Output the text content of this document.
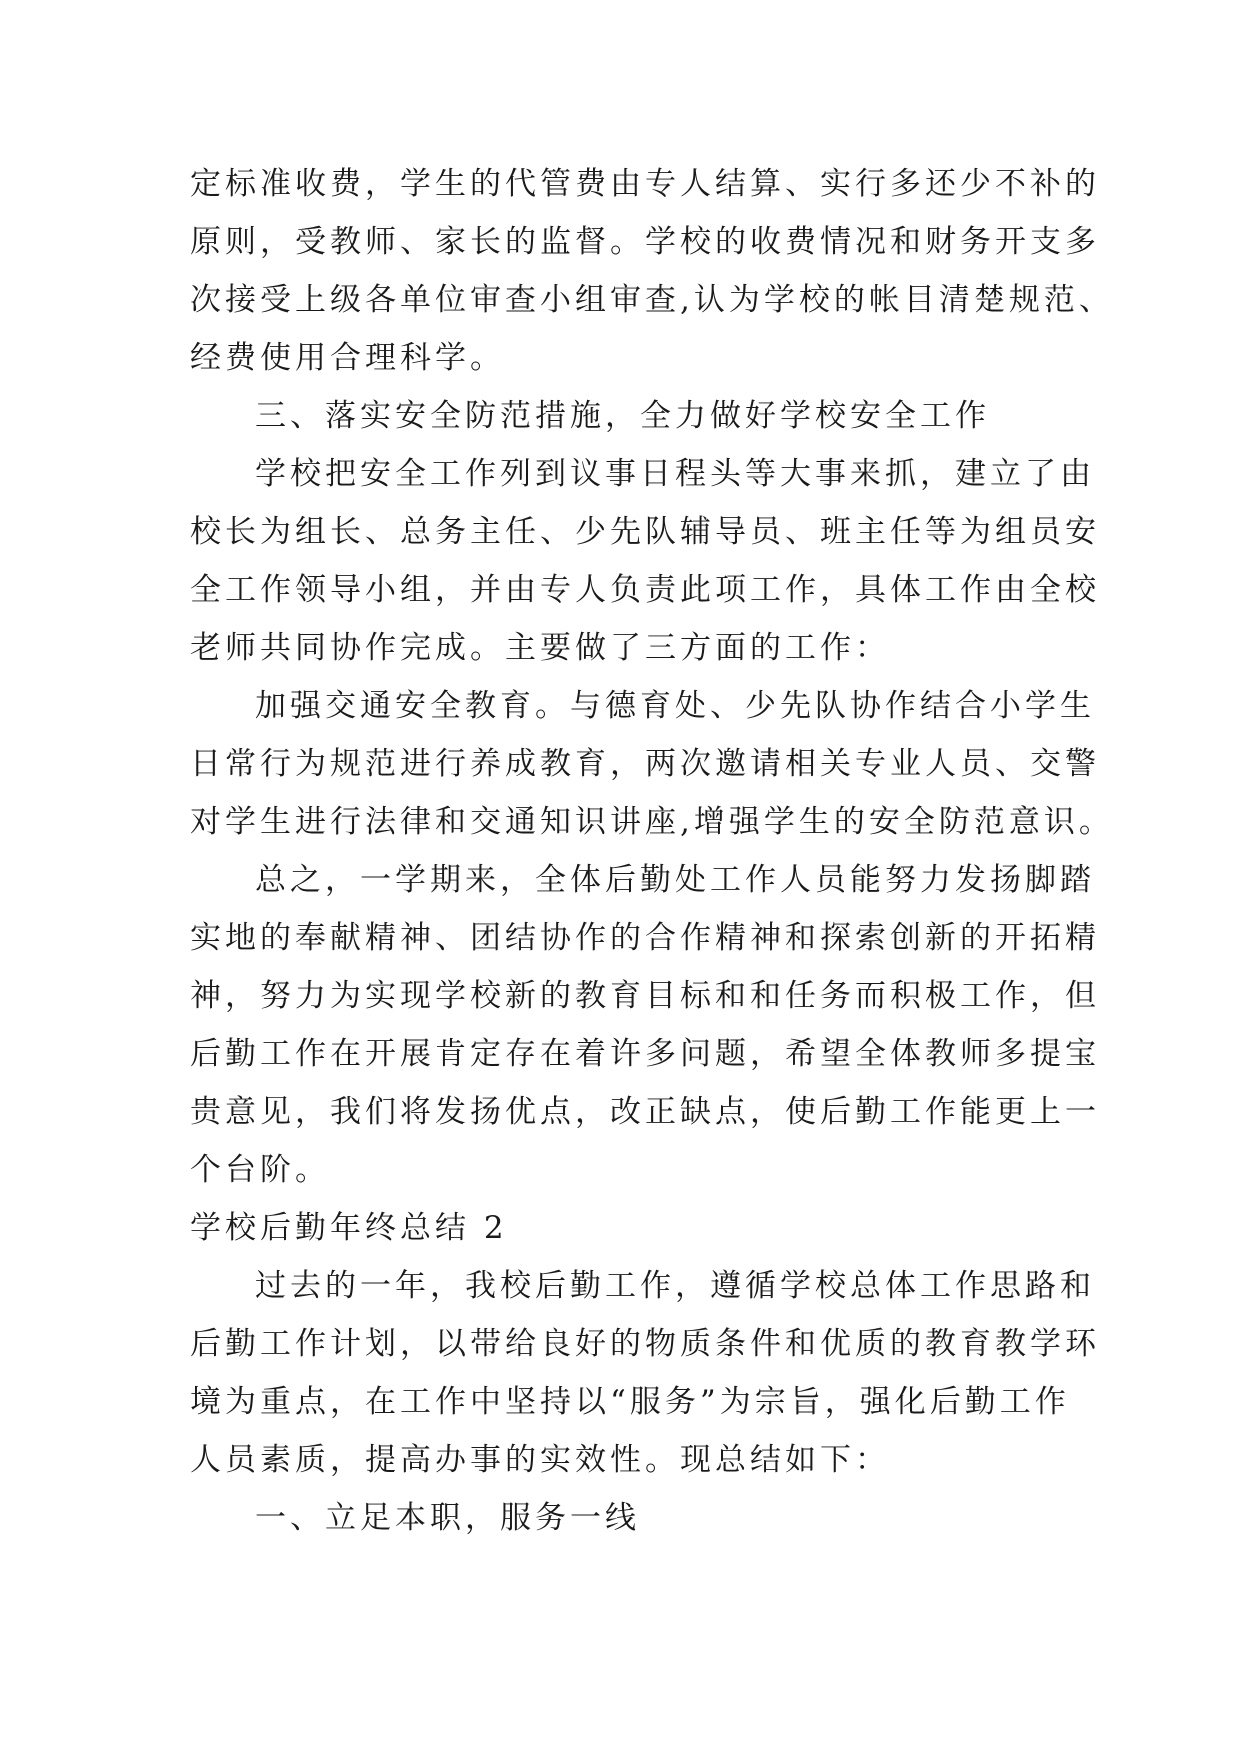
定标准收费，学生的代管费由专人结算、实行多还少不补的
原则，受教师、家长的监督。学校的收费情况和财务开支多
次接受上级各单位审查小组审查,认为学校的帐目清楚规范、
经费使用合理科学。
三、落实安全防范措施，全力做好学校安全工作
学校把安全工作列到议事日程头等大事来抓，建立了由
校长为组长、总务主任、少先队辅导员、班主任等为组员安
全工作领导小组，并由专人负责此项工作，具体工作由全校
老师共同协作完成。主要做了三方面的工作：
加强交通安全教育。与德育处、少先队协作结合小学生
日常行为规范进行养成教育，两次邀请相关专业人员、交警
对学生进行法律和交通知识讲座,增强学生的安全防范意识。
总之，一学期来，全体后勤处工作人员能努力发扬脚踏
实地的奉献精神、团结协作的合作精神和探索创新的开拓精
神，努力为实现学校新的教育目标和和任务而积极工作，但
后勤工作在开展肯定存在着许多问题，希望全体教师多提宝
贵意见，我们将发扬优点，改正缺点，使后勤工作能更上一
个台阶。
学校后勤年终总结 2
过去的一年，我校后勤工作，遵循学校总体工作思路和
后勤工作计划，以带给良好的物质条件和优质的教育教学环
境为重点，在工作中坚持以“服务”为宗旨，强化后勤工作
人员素质，提高办事的实效性。现总结如下：
一、立足本职，服务一线
